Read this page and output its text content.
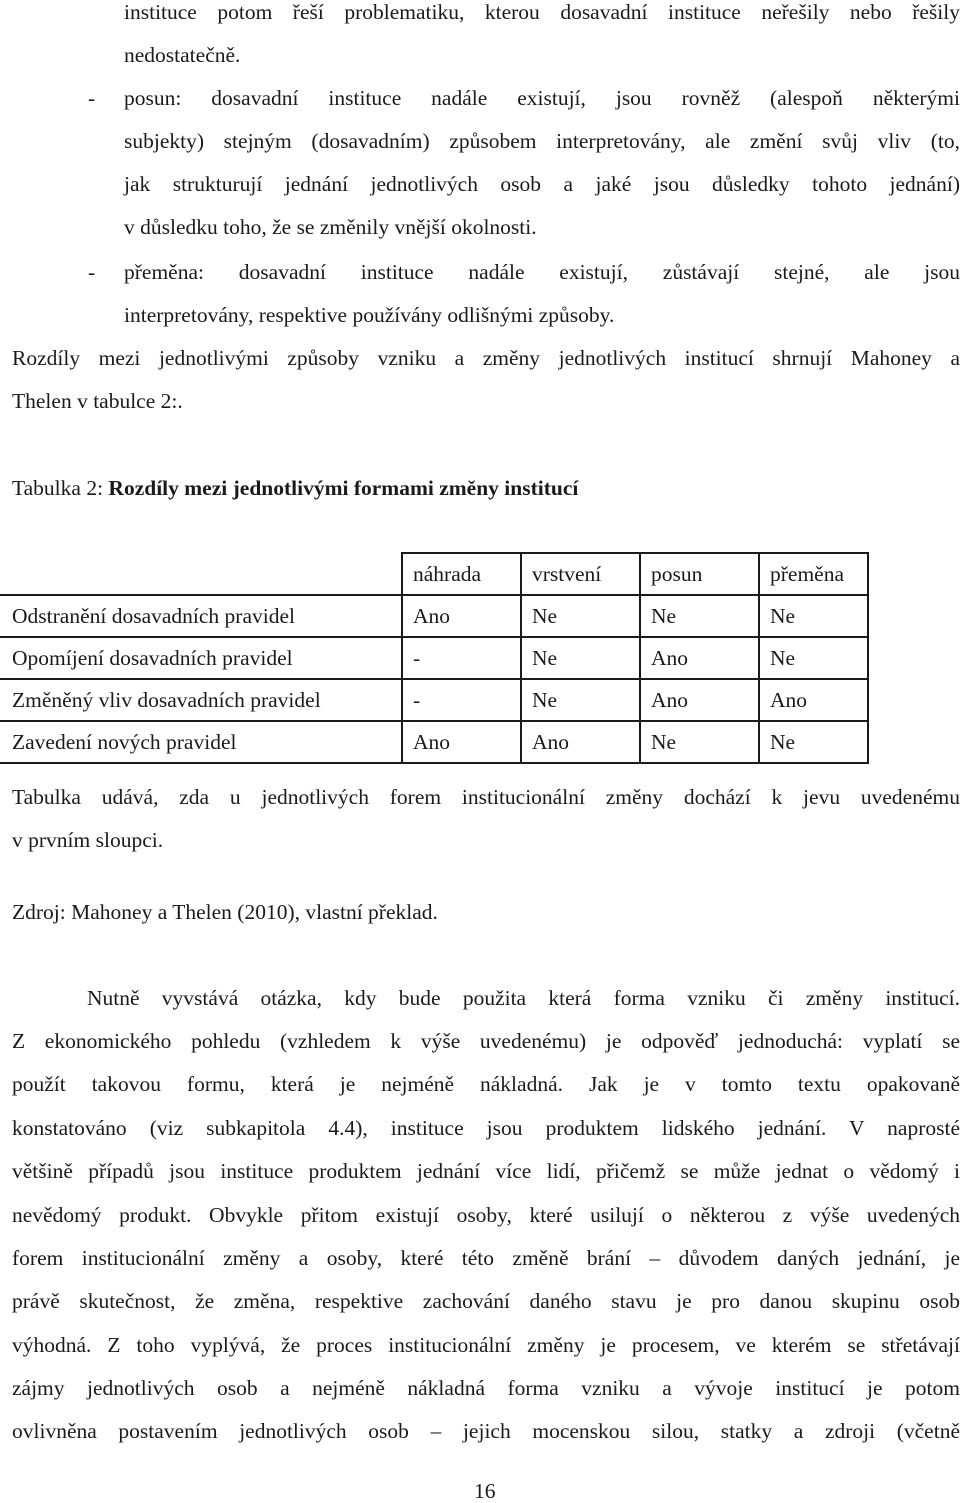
instituce potom řeší problematiku, kterou dosavadní instituce neřešily nebo řešily
nedostatečně.
- posun: dosavadní instituce nadále existují, jsou rovněž (alespoň některými
subjekty) stejným (dosavadním) způsobem interpretovány, ale změní svůj vliv (to,
jak strukturují jednání jednotlivých osob a jaké jsou důsledky tohoto jednání)
v důsledku toho, že se změnily vnější okolnosti.
- přeměna: dosavadní instituce nadále existují, zůstávají stejné, ale jsou
interpretovány, respektive používány odlišnými způsoby.
Rozdíly mezi jednotlivými způsoby vzniku a změny jednotlivých institucí shrnují Mahoney a
Thelen v tabulce 2:.
Tabulka 2: Rozdíly mezi jednotlivými formami změny institucí
	náhrada	vrstvení	posun	přeměna
Odstranění dosavadních pravidel	Ano	Ne	Ne	Ne
Opomíjení dosavadních pravidel	-	Ne	Ano	Ne
Změněný vliv dosavadních pravidel	-	Ne	Ano	Ano
Zavedení nových pravidel	Ano	Ano	Ne	Ne
Tabulka udává, zda u jednotlivých forem institucionální změny dochází k jevu uvedenému
v prvním sloupci.
Zdroj: Mahoney a Thelen (2010), vlastní překlad.
Nutně vyvstává otázka, kdy bude použita která forma vzniku či změny institucí.
Z ekonomického pohledu (vzhledem k výše uvedenému) je odpověď jednoduchá: vyplatí se
použít takovou formu, která je nejméně nákladná. Jak je v tomto textu opakovaně
konstatováno (viz subkapitola 4.4), instituce jsou produktem lidského jednání. V naprosté
většině případů jsou instituce produktem jednání více lidí, přičemž se může jednat o vědomý i
nevědomý produkt. Obvykle přitom existují osoby, které usilují o některou z výše uvedených
forem institucionální změny a osoby, které této změně brání – důvodem daných jednání, je
právě skutečnost, že změna, respektive zachování daného stavu je pro danou skupinu osob
výhodná. Z toho vyplývá, že proces institucionální změny je procesem, ve kterém se střetávají
zájmy jednotlivých osob a nejméně nákladná forma vzniku a vývoje institucí je potom
ovlivněna postavením jednotlivých osob – jejich mocenskou silou, statky a zdroji (včetně
16
